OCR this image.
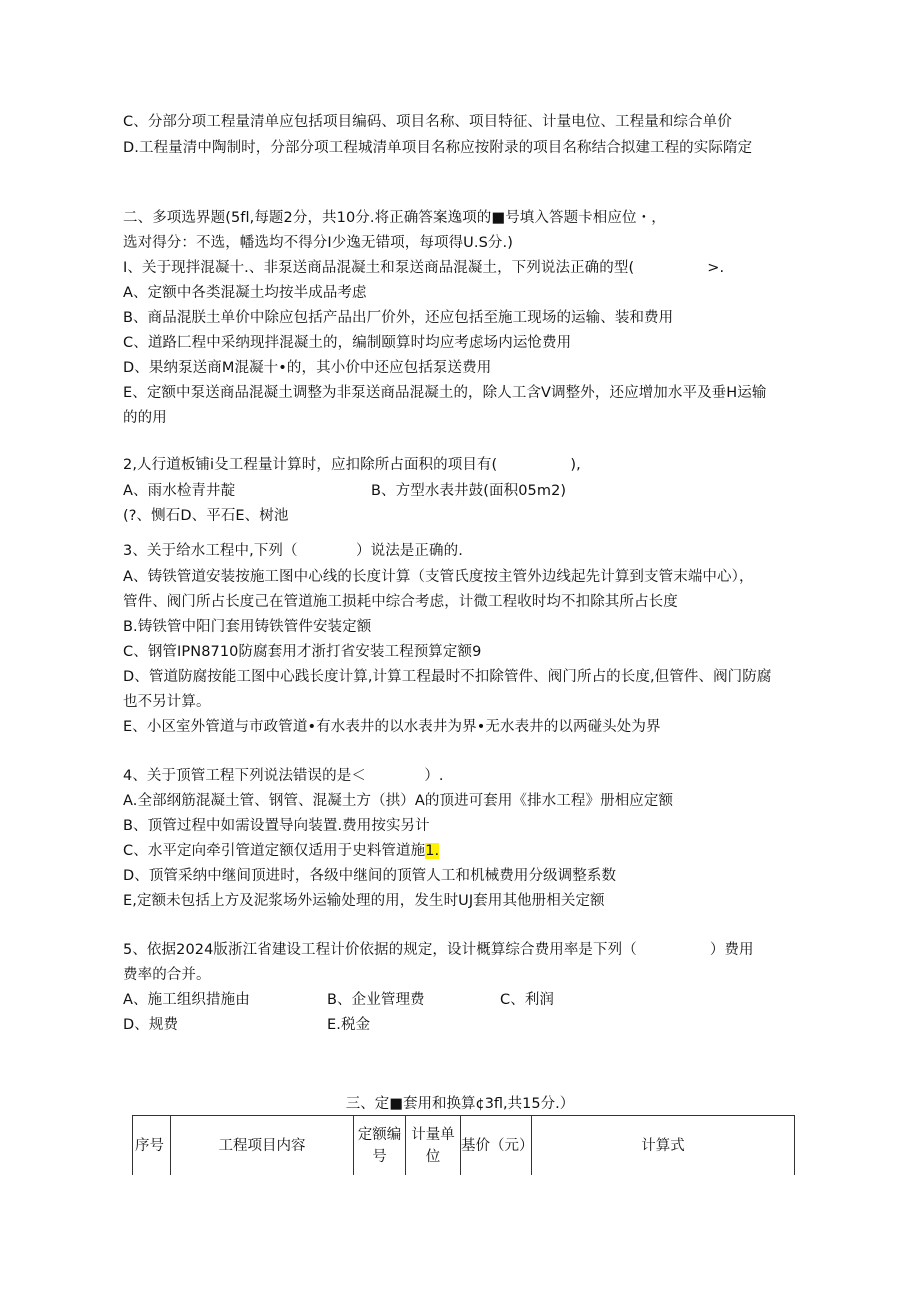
C、分部分项工程量清单应包括项目编码、项目名称、项目特征、计量电位、工程量和综合单价
D.工程量清中陶制时，分部分项工程城清单项目名称应按附录的项目名称结合拟建工程的实际隋定
二、多项选界题(5fl,每题2分，共10分.将正确答案逸项的■号填入答题卡相应位・，
选对得分：不选，幡选均不得分I少逸无错项，每项得U.S分.)
I、关于现拌混凝十.、非泵送商品混凝土和泵送商品混凝土，下列说法正确的型(　　　　　>.
A、定额中各类混凝土均按半成品考虑
B、商品混朕土单价中除应包括产品出厂价外，还应包括至施工现场的运输、装和费用
C、道路匚程中采纳现拌混凝土的，编制颐算时均应考虑场内运怆费用
D、果纳泵送商M混凝十•的，其小价中还应包括泵送费用
E、定额中泵送商品混凝土调整为非泵送商品混凝土的，除人工含V调整外，还应增加水平及垂H运输
的的用
2,人行道板铺i殳工程量计算时，应扣除所占面积的项目有(　　　　　),
A、雨水检青井靛	B、方型水表井鼓(面积05m2)
(?、恻石D、平石E、树池
3、关于给水工程中,下列（　　　　）说法是正确的.
A、铸铁管道安装按施工图中心线的长度计算（支管氏度按主管外边线起先计算到支管末端中心），
管件、阀门所占长度己在管道施工损耗中综合考虑，计微工程收时均不扣除其所占长度
B.铸铁管中阳门套用铸铁管件安装定额
C、钢管IPN8710防腐套用才浙打省安装工程预算定额9
D、管道防腐按能工图中心践长度计算,计算工程最时不扣除管件、阀门所占的长度,但管件、阀门防腐
也不另计算。
E、小区室外管道与市政管道•有水表井的以水表井为界•无水表井的以两碰头处为界
4、关于顶管工程下列说法错误的是＜　　　　）.
A.全部纲筋混凝土管、钢管、混凝土方（拱）A的顶进可套用《排水工程》册相应定额
B、顶管过程中如需设置导向装置.费用按实另计
C、水平定向牵引管道定额仅适用于史料管道施1.
D、顶管采纳中继间顶进时，各级中继间的顶管人工和机械费用分级调整系数
E,定额未包括上方及泥浆场外运输处理的用，发生时UJ套用其他册相关定额
5、依据2024版浙江省建设工程计价依据的规定，设计概算综合费用率是下列（　　　　　）费用
费率的合并。
A、施工组织措施由	B、企业管理费	C、利润
D、规费	E.税金
三、定■套用和换算¢3fl,共15分.）
序号	工程项目内容	定额编号	计量单位	基价（元）	计算式
